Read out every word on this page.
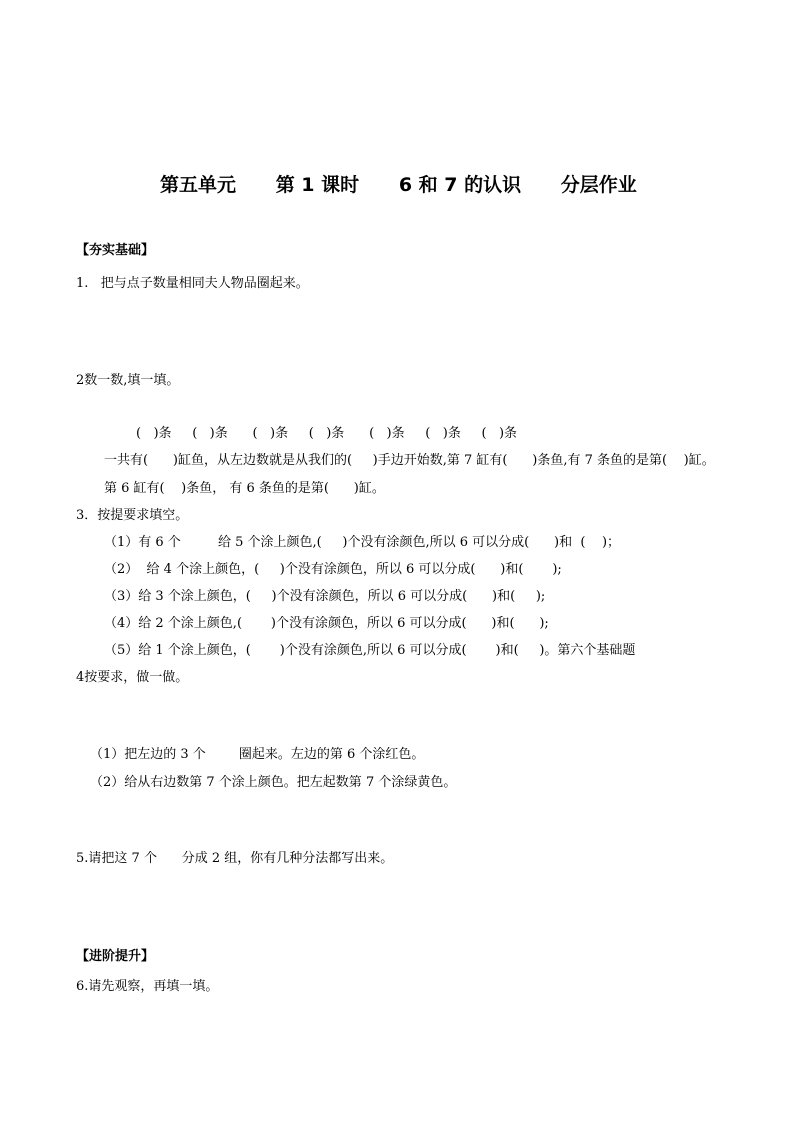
第五单元      第 1 课时      6 和 7 的认识      分层作业
【夯实基础】
1.   把与点子数量相同夫人物品圈起来。
2数一数,填一填。
(   )条     (   )条      (   )条     (   )条      (   )条     (   )条     (   )条
一共有(      )缸鱼，从左边数就是从我们的(     )手边开始数,第 7 缸有(      )条鱼,有 7 条鱼的是第(    )缸。
第 6 缸有(    )条鱼， 有 6 条鱼的是第(      )缸。
3．按提要求填空。
（1）有 6 个         给 5 个涂上颜色,(     )个没有涂颜色,所以 6 可以分成(      )和  (    )；
（2）  给 4 个涂上颜色，(     )个没有涂颜色，所以 6 可以分成(      )和(       );
（3）给 3 个涂上颜色，(     )个没有涂颜色，所以 6 可以分成(      )和(     );
（4）给 2 个涂上颜色,(       )个没有涂颜色，所以 6 可以分成(      )和(      );
（5）给 1 个涂上颜色，(       )个没有涂颜色,所以 6 可以分成(       )和(     )。第六个基础题
4按要求，做一做。
（1）把左边的 3 个        圈起来。左边的第 6 个涂红色。
（2）给从右边数第 7 个涂上颜色。把左起数第 7 个涂绿黄色。
5.请把这 7 个      分成 2 组，你有几种分法都写出来。
【进阶提升】
6.请先观察，再填一填。
